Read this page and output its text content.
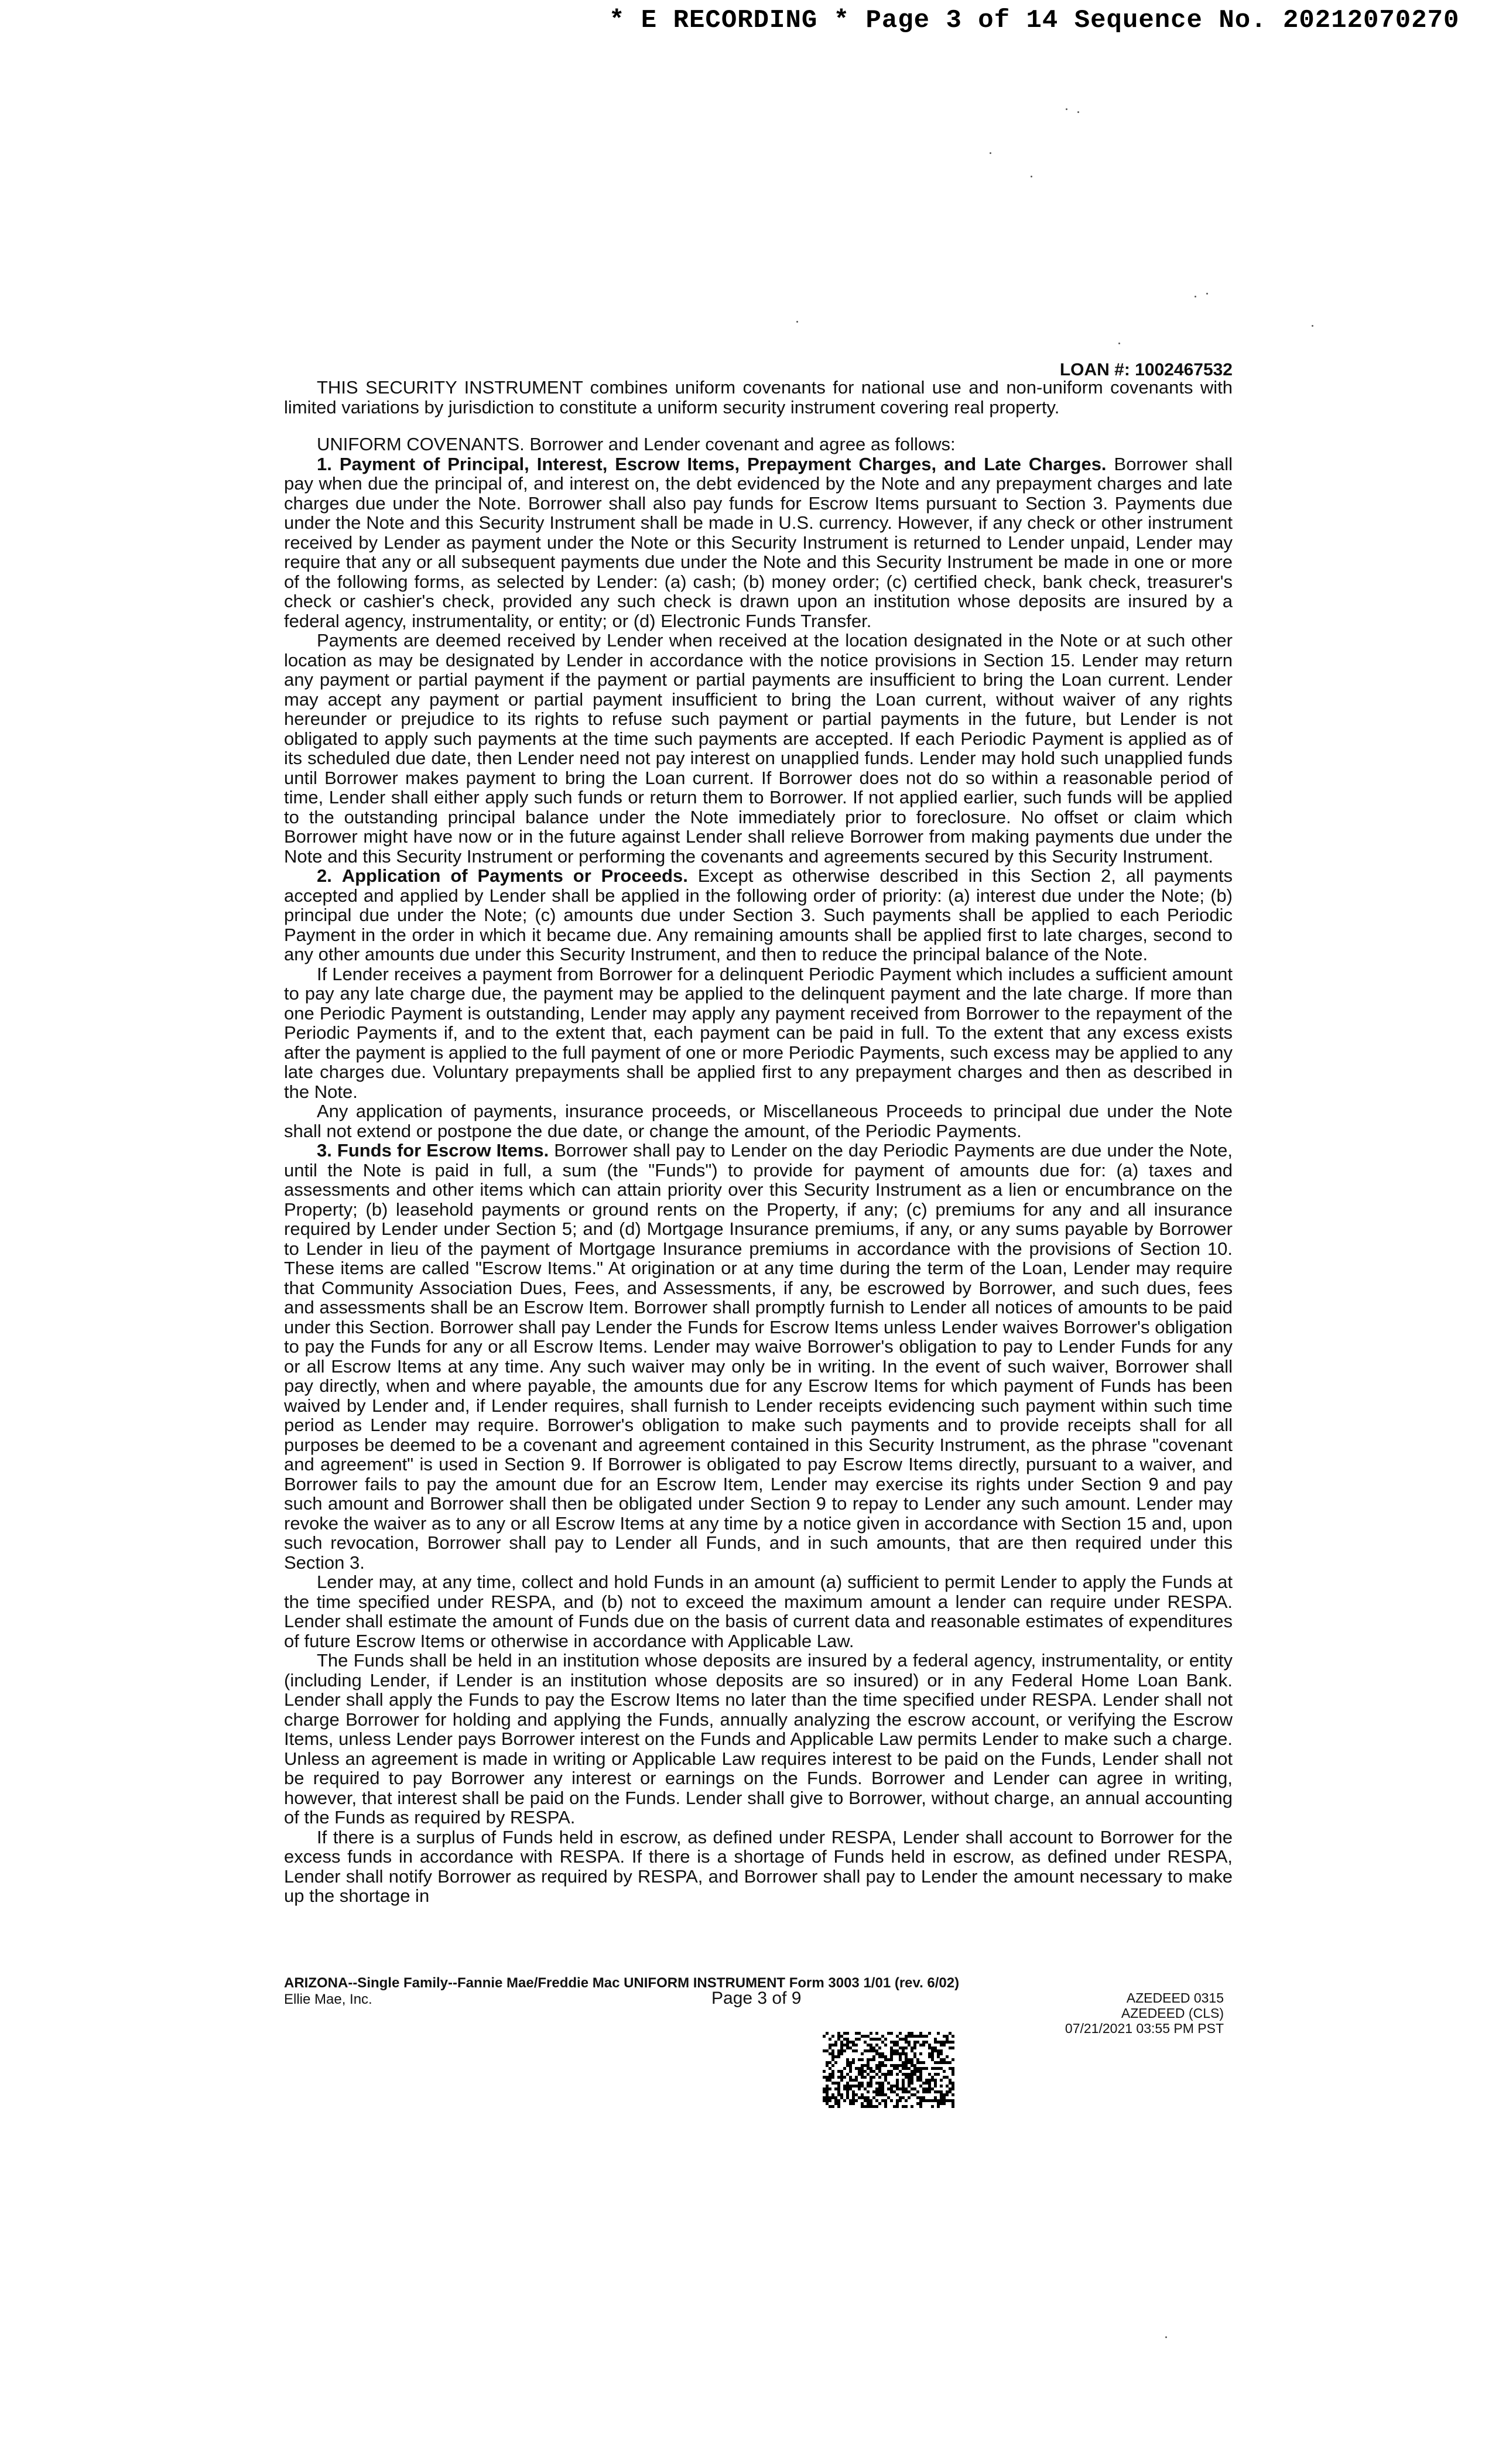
* E RECORDING * Page 3 of 14 Sequence No. 20212070270
LOAN #: 1002467532

THIS SECURITY INSTRUMENT combines uniform covenants for national use and non-uniform covenants with limited variations by jurisdiction to constitute a uniform security instrument covering real property.

UNIFORM COVENANTS. Borrower and Lender covenant and agree as follows:

1. Payment of Principal, Interest, Escrow Items, Prepayment Charges, and Late Charges. Borrower shall pay when due the principal of, and interest on, the debt evidenced by the Note and any prepayment charges and late charges due under the Note. Borrower shall also pay funds for Escrow Items pursuant to Section 3. Payments due under the Note and this Security Instrument shall be made in U.S. currency. However, if any check or other instrument received by Lender as payment under the Note or this Security Instrument is returned to Lender unpaid, Lender may require that any or all subsequent payments due under the Note and this Security Instrument be made in one or more of the following forms, as selected by Lender: (a) cash; (b) money order; (c) certified check, bank check, treasurer's check or cashier's check, provided any such check is drawn upon an institution whose deposits are insured by a federal agency, instrumentality, or entity; or (d) Electronic Funds Transfer.

Payments are deemed received by Lender when received at the location designated in the Note or at such other location as may be designated by Lender in accordance with the notice provisions in Section 15. Lender may return any payment or partial payment if the payment or partial payments are insufficient to bring the Loan current. Lender may accept any payment or partial payment insufficient to bring the Loan current, without waiver of any rights hereunder or prejudice to its rights to refuse such payment or partial payments in the future, but Lender is not obligated to apply such payments at the time such payments are accepted. If each Periodic Payment is applied as of its scheduled due date, then Lender need not pay interest on unapplied funds. Lender may hold such unapplied funds until Borrower makes payment to bring the Loan current. If Borrower does not do so within a reasonable period of time, Lender shall either apply such funds or return them to Borrower. If not applied earlier, such funds will be applied to the outstanding principal balance under the Note immediately prior to foreclosure. No offset or claim which Borrower might have now or in the future against Lender shall relieve Borrower from making payments due under the Note and this Security Instrument or performing the covenants and agreements secured by this Security Instrument.

2. Application of Payments or Proceeds. Except as otherwise described in this Section 2, all payments accepted and applied by Lender shall be applied in the following order of priority: (a) interest due under the Note; (b) principal due under the Note; (c) amounts due under Section 3. Such payments shall be applied to each Periodic Payment in the order in which it became due. Any remaining amounts shall be applied first to late charges, second to any other amounts due under this Security Instrument, and then to reduce the principal balance of the Note.

If Lender receives a payment from Borrower for a delinquent Periodic Payment which includes a sufficient amount to pay any late charge due, the payment may be applied to the delinquent payment and the late charge. If more than one Periodic Payment is outstanding, Lender may apply any payment received from Borrower to the repayment of the Periodic Payments if, and to the extent that, each payment can be paid in full. To the extent that any excess exists after the payment is applied to the full payment of one or more Periodic Payments, such excess may be applied to any late charges due. Voluntary prepayments shall be applied first to any prepayment charges and then as described in the Note.

Any application of payments, insurance proceeds, or Miscellaneous Proceeds to principal due under the Note shall not extend or postpone the due date, or change the amount, of the Periodic Payments.

3. Funds for Escrow Items. Borrower shall pay to Lender on the day Periodic Payments are due under the Note, until the Note is paid in full, a sum (the "Funds") to provide for payment of amounts due for: (a) taxes and assessments and other items which can attain priority over this Security Instrument as a lien or encumbrance on the Property; (b) leasehold payments or ground rents on the Property, if any; (c) premiums for any and all insurance required by Lender under Section 5; and (d) Mortgage Insurance premiums, if any, or any sums payable by Borrower to Lender in lieu of the payment of Mortgage Insurance premiums in accordance with the provisions of Section 10. These items are called "Escrow Items." At origination or at any time during the term of the Loan, Lender may require that Community Association Dues, Fees, and Assessments, if any, be escrowed by Borrower, and such dues, fees and assessments shall be an Escrow Item. Borrower shall promptly furnish to Lender all notices of amounts to be paid under this Section. Borrower shall pay Lender the Funds for Escrow Items unless Lender waives Borrower's obligation to pay the Funds for any or all Escrow Items. Lender may waive Borrower's obligation to pay to Lender Funds for any or all Escrow Items at any time. Any such waiver may only be in writing. In the event of such waiver, Borrower shall pay directly, when and where payable, the amounts due for any Escrow Items for which payment of Funds has been waived by Lender and, if Lender requires, shall furnish to Lender receipts evidencing such payment within such time period as Lender may require. Borrower's obligation to make such payments and to provide receipts shall for all purposes be deemed to be a covenant and agreement contained in this Security Instrument, as the phrase "covenant and agreement" is used in Section 9. If Borrower is obligated to pay Escrow Items directly, pursuant to a waiver, and Borrower fails to pay the amount due for an Escrow Item, Lender may exercise its rights under Section 9 and pay such amount and Borrower shall then be obligated under Section 9 to repay to Lender any such amount. Lender may revoke the waiver as to any or all Escrow Items at any time by a notice given in accordance with Section 15 and, upon such revocation, Borrower shall pay to Lender all Funds, and in such amounts, that are then required under this Section 3.

Lender may, at any time, collect and hold Funds in an amount (a) sufficient to permit Lender to apply the Funds at the time specified under RESPA, and (b) not to exceed the maximum amount a lender can require under RESPA. Lender shall estimate the amount of Funds due on the basis of current data and reasonable estimates of expenditures of future Escrow Items or otherwise in accordance with Applicable Law.

The Funds shall be held in an institution whose deposits are insured by a federal agency, instrumentality, or entity (including Lender, if Lender is an institution whose deposits are so insured) or in any Federal Home Loan Bank. Lender shall apply the Funds to pay the Escrow Items no later than the time specified under RESPA. Lender shall not charge Borrower for holding and applying the Funds, annually analyzing the escrow account, or verifying the Escrow Items, unless Lender pays Borrower interest on the Funds and Applicable Law permits Lender to make such a charge. Unless an agreement is made in writing or Applicable Law requires interest to be paid on the Funds, Lender shall not be required to pay Borrower any interest or earnings on the Funds. Borrower and Lender can agree in writing, however, that interest shall be paid on the Funds. Lender shall give to Borrower, without charge, an annual accounting of the Funds as required by RESPA.

If there is a surplus of Funds held in escrow, as defined under RESPA, Lender shall account to Borrower for the excess funds in accordance with RESPA. If there is a shortage of Funds held in escrow, as defined under RESPA, Lender shall notify Borrower as required by RESPA, and Borrower shall pay to Lender the amount necessary to make up the shortage in

ARIZONA--Single Family--Fannie Mae/Freddie Mac UNIFORM INSTRUMENT Form 3003 1/01 (rev. 6/02)
Ellie Mae, Inc.	Page 3 of 9	AZEDEED 0315
AZEDEED (CLS)
07/21/2021 03:55 PM PST
